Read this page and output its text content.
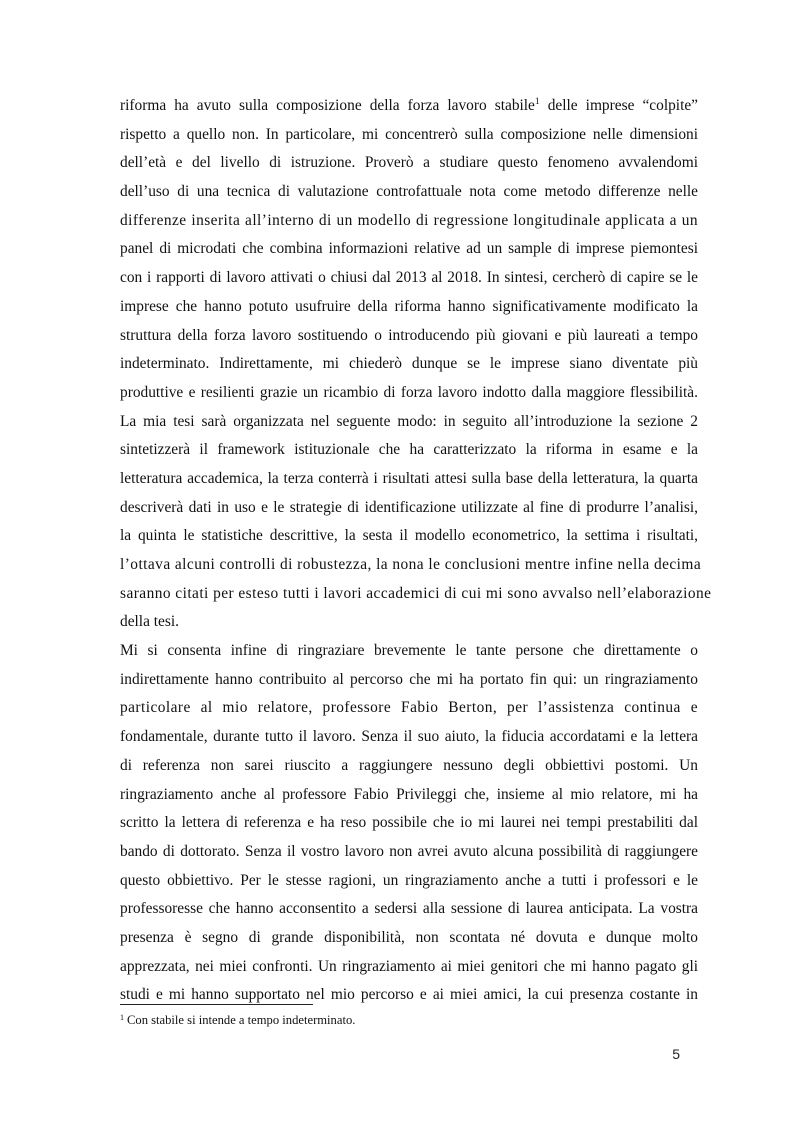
riforma ha avuto sulla composizione della forza lavoro stabile$^1$ delle imprese “colpite”
rispetto a quello non. In particolare, mi concentrerò sulla composizione nelle dimensioni
dell’età e del livello di istruzione. Proverò a studiare questo fenomeno avvalendomi
dell’uso di una tecnica di valutazione controfattuale nota come metodo differenze nelle
differenze inserita all’interno di un modello di regressione longitudinale applicata a un
panel di microdati che combina informazioni relative ad un sample di imprese piemontesi
con i rapporti di lavoro attivati o chiusi dal 2013 al 2018. In sintesi, cercherò di capire se le
imprese che hanno potuto usufruire della riforma hanno significativamente modificato la
struttura della forza lavoro sostituendo o introducendo più giovani e più laureati a tempo
indeterminato. Indirettamente, mi chiederò dunque se le imprese siano diventate più
produttive e resilienti grazie un ricambio di forza lavoro indotto dalla maggiore flessibilità.
La mia tesi sarà organizzata nel seguente modo: in seguito all’introduzione la sezione 2
sintetizzerà il framework istituzionale che ha caratterizzato la riforma in esame e la
letteratura accademica, la terza conterrà i risultati attesi sulla base della letteratura, la quarta
descriverà dati in uso e le strategie di identificazione utilizzate al fine di produrre l’analisi,
la quinta le statistiche descrittive, la sesta il modello econometrico, la settima i risultati,
l’ottava alcuni controlli di robustezza, la nona le conclusioni mentre infine nella decima
saranno citati per esteso tutti i lavori accademici di cui mi sono avvalso nell’elaborazione
della tesi.
Mi si consenta infine di ringraziare brevemente le tante persone che direttamente o
indirettamente hanno contribuito al percorso che mi ha portato fin qui: un ringraziamento
particolare al mio relatore, professore Fabio Berton, per l’assistenza continua e
fondamentale, durante tutto il lavoro. Senza il suo aiuto, la fiducia accordatami e la lettera
di referenza non sarei riuscito a raggiungere nessuno degli obbiettivi postomi. Un
ringraziamento anche al professore Fabio Privileggi che, insieme al mio relatore, mi ha
scritto la lettera di referenza e ha reso possibile che io mi laurei nei tempi prestabiliti dal
bando di dottorato. Senza il vostro lavoro non avrei avuto alcuna possibilità di raggiungere
questo obbiettivo. Per le stesse ragioni, un ringraziamento anche a tutti i professori e le
professoresse che hanno acconsentito a sedersi alla sessione di laurea anticipata. La vostra
presenza è segno di grande disponibilità, non scontata né dovuta e dunque molto
apprezzata, nei miei confronti. Un ringraziamento ai miei genitori che mi hanno pagato gli
studi e mi hanno supportato nel mio percorso e ai miei amici, la cui presenza costante in
$^1$ Con stabile si intende a tempo indeterminato.
5
